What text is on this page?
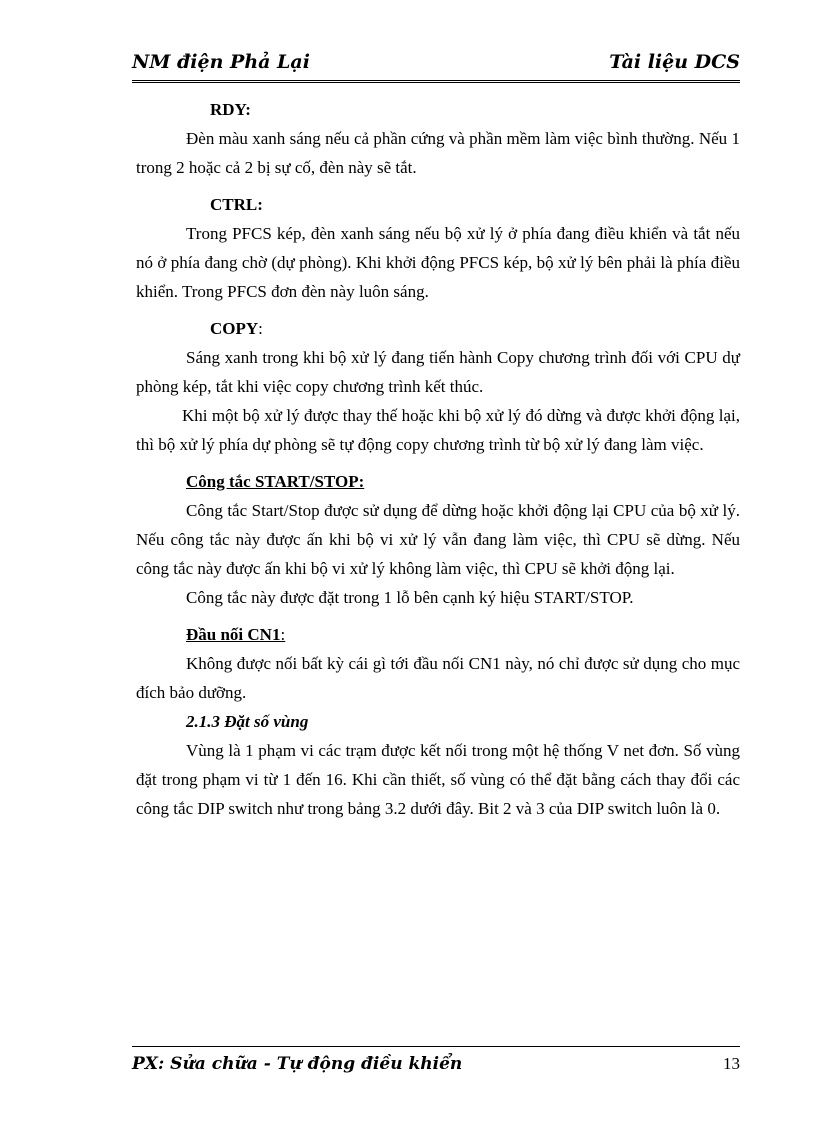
NM điện Phả Lại	Tài liệu DCS

RDY:

Đèn màu xanh sáng nếu cả phần cứng và phần mềm làm việc bình thường. Nếu 1 trong 2 hoặc cả 2 bị sự cố, đèn này sẽ tắt.

CTRL:

Trong PFCS kép, đèn xanh sáng nếu bộ xử lý ở phía đang điều khiển và tắt nếu nó ở phía đang chờ (dự phòng). Khi khởi động PFCS kép, bộ xử lý bên phải là phía điều khiển. Trong PFCS đơn đèn này luôn sáng.

COPY:

Sáng xanh trong khi bộ xử lý đang tiến hành Copy chương trình đối với CPU dự phòng kép, tắt khi việc copy chương trình kết thúc.

Khi một bộ xử lý được thay thế hoặc khi bộ xử lý đó dừng và được khởi động lại, thì bộ xử lý phía dự phòng sẽ tự động copy chương trình từ bộ xử lý đang làm việc.

Công tắc START/STOP:

Công tắc Start/Stop được sử dụng để dừng hoặc khởi động lại CPU của bộ xử lý. Nếu công tắc này được ấn khi bộ vi xử lý vẫn đang làm việc, thì CPU sẽ dừng. Nếu công tắc này được ấn khi bộ vi xử lý không làm việc, thì CPU sẽ khởi động lại.

Công tắc này được đặt trong 1 lỗ bên cạnh ký hiệu START/STOP.

Đầu nối CN1:

Không được nối bất kỳ cái gì tới đầu nối CN1 này, nó chỉ được sử dụng cho mục đích bảo dưỡng.

2.1.3 Đặt số vùng

Vùng là 1 phạm vi các trạm được kết nối trong một hệ thống V net đơn. Số vùng đặt trong phạm vi từ 1 đến 16. Khi cần thiết, số vùng có thể đặt bằng cách thay đổi các công tắc DIP switch như trong bảng 3.2 dưới đây. Bit 2 và 3 của DIP switch luôn là 0.

PX: Sửa chữa - Tự động điều khiển	13
